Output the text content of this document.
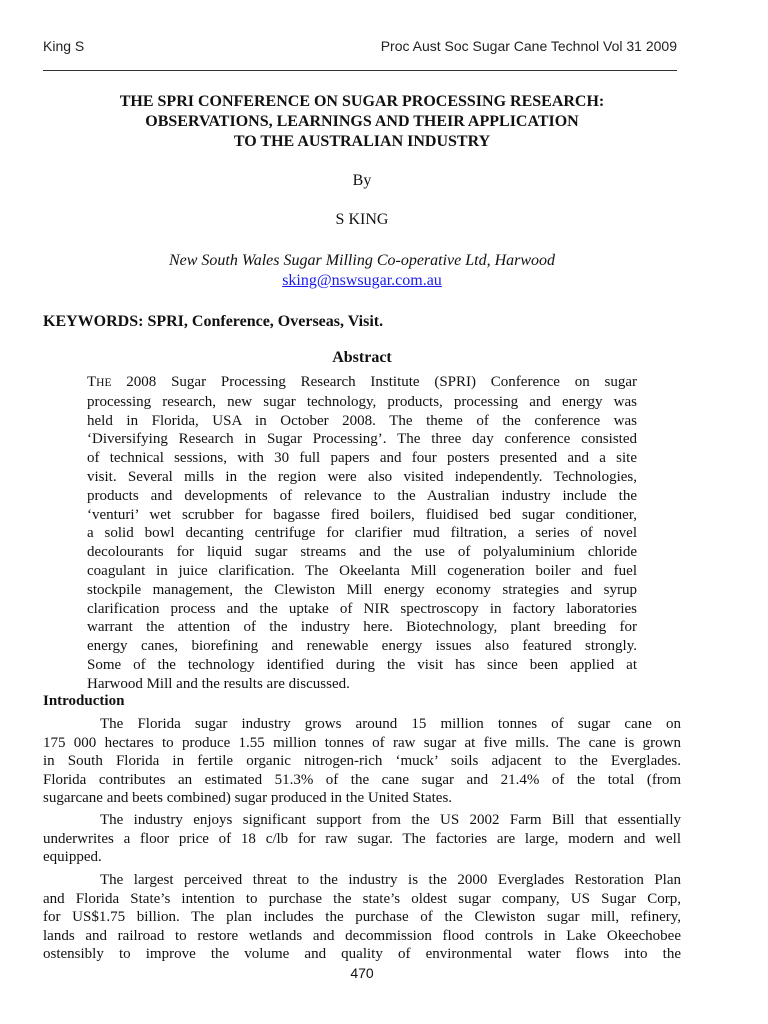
King S	Proc Aust Soc Sugar Cane Technol Vol 31 2009
THE SPRI CONFERENCE ON SUGAR PROCESSING RESEARCH:
OBSERVATIONS, LEARNINGS AND THEIR APPLICATION
TO THE AUSTRALIAN INDUSTRY
By
S KING
New South Wales Sugar Milling Co-operative Ltd, Harwood
sking@nswsugar.com.au
KEYWORDS: SPRI, Conference, Overseas, Visit.
Abstract
THE 2008 Sugar Processing Research Institute (SPRI) Conference on sugar
processing research, new sugar technology, products, processing and energy was
held in Florida, USA in October 2008. The theme of the conference was
‘Diversifying Research in Sugar Processing’. The three day conference consisted
of technical sessions, with 30 full papers and four posters presented and a site
visit. Several mills in the region were also visited independently. Technologies,
products and developments of relevance to the Australian industry include the
‘venturi’ wet scrubber for bagasse fired boilers, fluidised bed sugar conditioner,
a solid bowl decanting centrifuge for clarifier mud filtration, a series of novel
decolourants for liquid sugar streams and the use of polyaluminium chloride
coagulant in juice clarification. The Okeelanta Mill cogeneration boiler and fuel
stockpile management, the Clewiston Mill energy economy strategies and syrup
clarification process and the uptake of NIR spectroscopy in factory laboratories
warrant the attention of the industry here. Biotechnology, plant breeding for
energy canes, biorefining and renewable energy issues also featured strongly.
Some of the technology identified during the visit has since been applied at
Harwood Mill and the results are discussed.
Introduction
The Florida sugar industry grows around 15 million tonnes of sugar cane on
175 000 hectares to produce 1.55 million tonnes of raw sugar at five mills. The cane is grown
in South Florida in fertile organic nitrogen-rich ‘muck’ soils adjacent to the Everglades.
Florida contributes an estimated 51.3% of the cane sugar and 21.4% of the total (from
sugarcane and beets combined) sugar produced in the United States.
The industry enjoys significant support from the US 2002 Farm Bill that essentially
underwrites a floor price of 18 c/lb for raw sugar. The factories are large, modern and well
equipped.
The largest perceived threat to the industry is the 2000 Everglades Restoration Plan
and Florida State’s intention to purchase the state’s oldest sugar company, US Sugar Corp,
for US$1.75 billion. The plan includes the purchase of the Clewiston sugar mill, refinery,
lands and railroad to restore wetlands and decommission flood controls in Lake Okeechobee
ostensibly to improve the volume and quality of environmental water flows into the
470
